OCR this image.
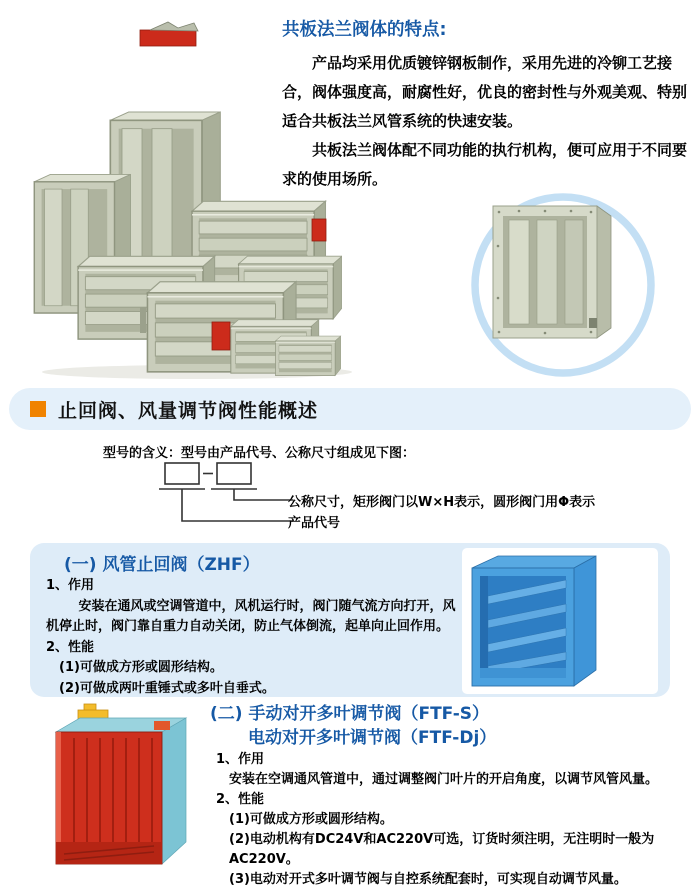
共板法兰阀体的特点:

产品均采用优质镀锌钢板制作，采用先进的冷铆工艺接合，阀体强度高，耐腐性好，优良的密封性与外观美观、特别适合共板法兰风管系统的快速安装。

共板法兰阀体配不同功能的执行机构，便可应用于不同要求的使用场所。

止回阀、风量调节阀性能概述
型号的含义：型号由产品代号、公称尺寸组成见下图：
公称尺寸，矩形阀门以W×H表示，圆形阀门用Φ表示
产品代号
(一) 风管止回阀（ZHF）
1、作用
安装在通风或空调管道中，风机运行时，阀门随气流方向打开，风机停止时，阀门靠自重力自动关闭，防止气体倒流，起单向止回作用。
2、性能
(1)可做成方形或圆形结构。
(2)可做成两叶重锤式或多叶自垂式。
(二) 手动对开多叶调节阀（FTF-S）
电动对开多叶调节阀（FTF-Dj）
1、作用
安装在空调通风管道中，通过调整阀门叶片的开启角度，以调节风管风量。
2、性能
(1)可做成方形或圆形结构。
(2)电动机构有DC24V和AC220V可选，订货时须注明，无注明时一般为AC220V。
(3)电动对开式多叶调节阀与自控系统配套时，可实现自动调节风量。
